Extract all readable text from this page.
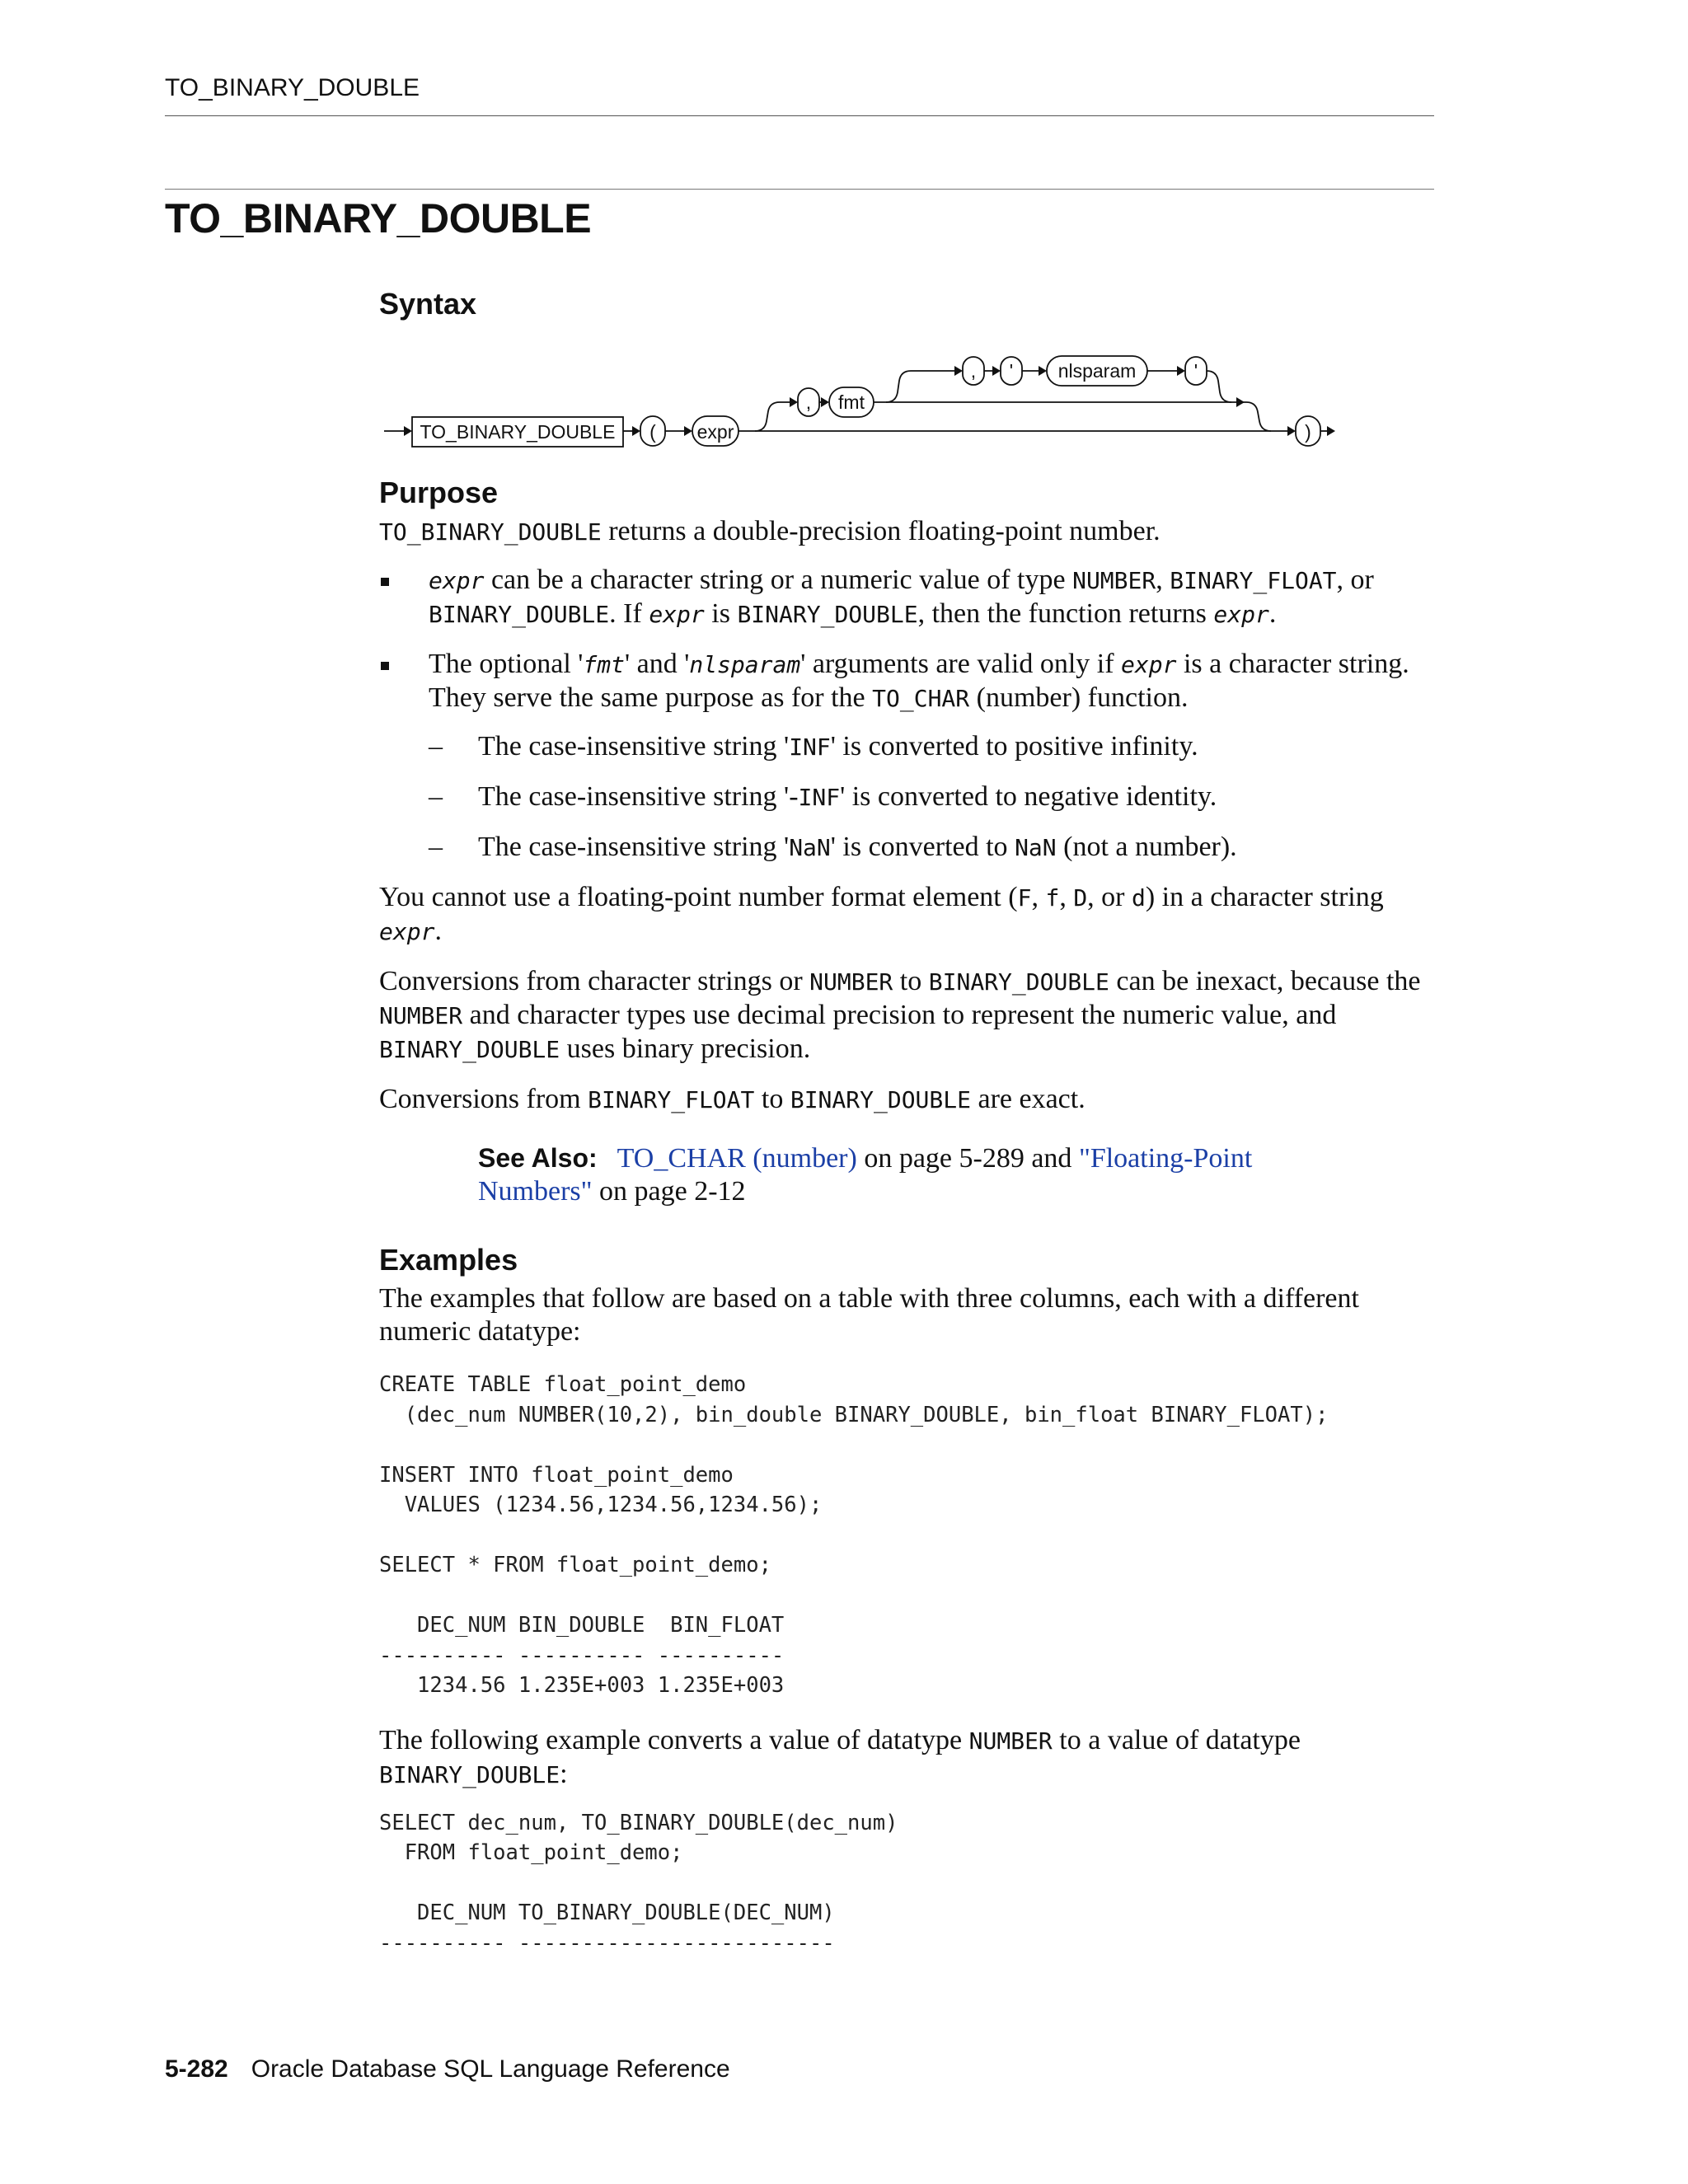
TO_BINARY_DOUBLE
TO_BINARY_DOUBLE
Syntax
TO_BINARY_DOUBLE ( expr
, fmt
, ' nlsparam	'
)
Purpose

TO_BINARY_DOUBLE returns a double-precision floating-point number.

expr can be a character string or a numeric value of type NUMBER, BINARY_FLOAT, or BINARY_DOUBLE. If expr is BINARY_DOUBLE, then the function returns expr.
The optional 'fmt' and 'nlsparam' arguments are valid only if expr is a character string. They serve the same purpose as for the TO_CHAR (number) function.
– The case-insensitive string 'INF' is converted to positive infinity.
– The case-insensitive string '-INF' is converted to negative identity.
– The case-insensitive string 'NaN' is converted to NaN (not a number).

You cannot use a floating-point number format element (F, f, D, or d) in a character string expr.

Conversions from character strings or NUMBER to BINARY_DOUBLE can be inexact, because the NUMBER and character types use decimal precision to represent the numeric value, and BINARY_DOUBLE uses binary precision.

Conversions from BINARY_FLOAT to BINARY_DOUBLE are exact.

See Also: TO_CHAR (number) on page 5-289 and "Floating-Point Numbers" on page 2-12
Examples

The examples that follow are based on a table with three columns, each with a different numeric datatype:

CREATE TABLE float_point_demo
(dec_num NUMBER(10,2), bin_double BINARY_DOUBLE, bin_float BINARY_FLOAT);

INSERT INTO float_point_demo
VALUES (1234.56,1234.56,1234.56);

SELECT * FROM float_point_demo;

DEC_NUM BIN_DOUBLE  BIN_FLOAT
---------- ---------- ----------
1234.56 1.235E+003 1.235E+003

The following example converts a value of datatype NUMBER to a value of datatype BINARY_DOUBLE:

SELECT dec_num, TO_BINARY_DOUBLE(dec_num)
FROM float_point_demo;

DEC_NUM TO_BINARY_DOUBLE(DEC_NUM)
---------- -------------------------
5-282 Oracle Database SQL Language Reference
